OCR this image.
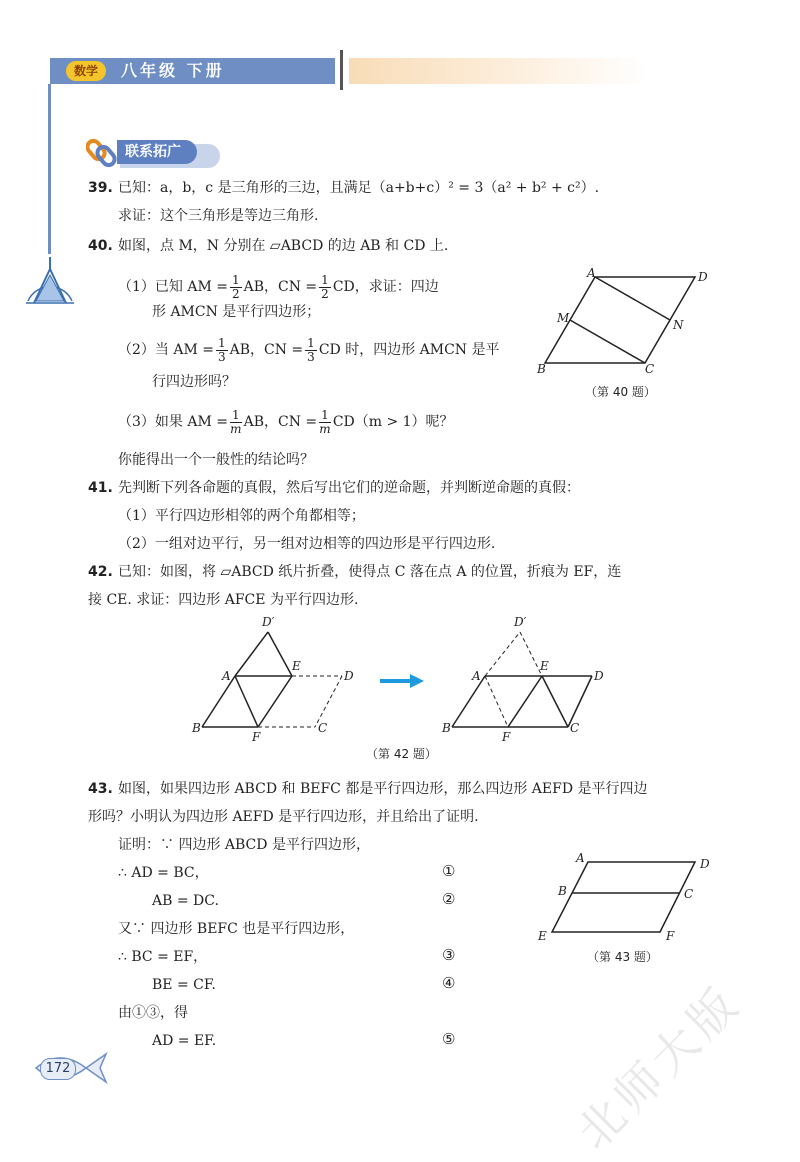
数学	八年级 下册
联系拓广
39. 已知：a，b，c 是三角形的三边，且满足（a+b+c）² = 3（a² + b² + c²）.
求证：这个三角形是等边三角形.
40. 如图，点 M，N 分别在 ▱ABCD 的边 AB 和 CD 上.
（1）已知 AM = $\frac{1}{2}$ AB，CN = $\frac{1}{2}$ CD，求证：四边
形 AMCN 是平行四边形；
（2）当 AM = $\frac{1}{3}$ AB，CN = $\frac{1}{3}$ CD 时，四边形 AMCN 是平
行四边形吗？
（3）如果 AM = $\frac{1}{m}$ AB，CN = $\frac{1}{m} CD(m > 1)$呢？
你能得出一个一般性的结论吗？
A	D
M	N
B	C
（第 40 题）
41. 先判断下列各命题的真假，然后写出它们的逆命题，并判断逆命题的真假：
（1）平行四边形相邻的两个角都相等；
（2）一组对边平行，另一组对边相等的四边形是平行四边形.
42. 已知：如图，将 ▱ABCD 纸片折叠，使得点 C 落在点 A 的位置，折痕为 EF，连
接 CE. 求证：四边形 AFCE 为平行四边形.
D′
A
E
D
B
F
C
D′
A
E
D
B
F
C
（第 42 题）
43. 如图，如果四边形 ABCD 和 BEFC 都是平行四边形，那么四边形 AEFD 是平行四边
形吗？小明认为四边形 AEFD 是平行四边形，并且给出了证明.
证明：∵ 四边形 ABCD 是平行四边形，
∴ AD = BC，	①
AB = DC.	②
又∵ 四边形 BEFC 也是平行四边形，
∴ BC = EF，	③
BE = CF.	④
由①③，得
AD = EF.	⑤
A	D
B	C
E	F
（第 43 题）
172	北师大版
